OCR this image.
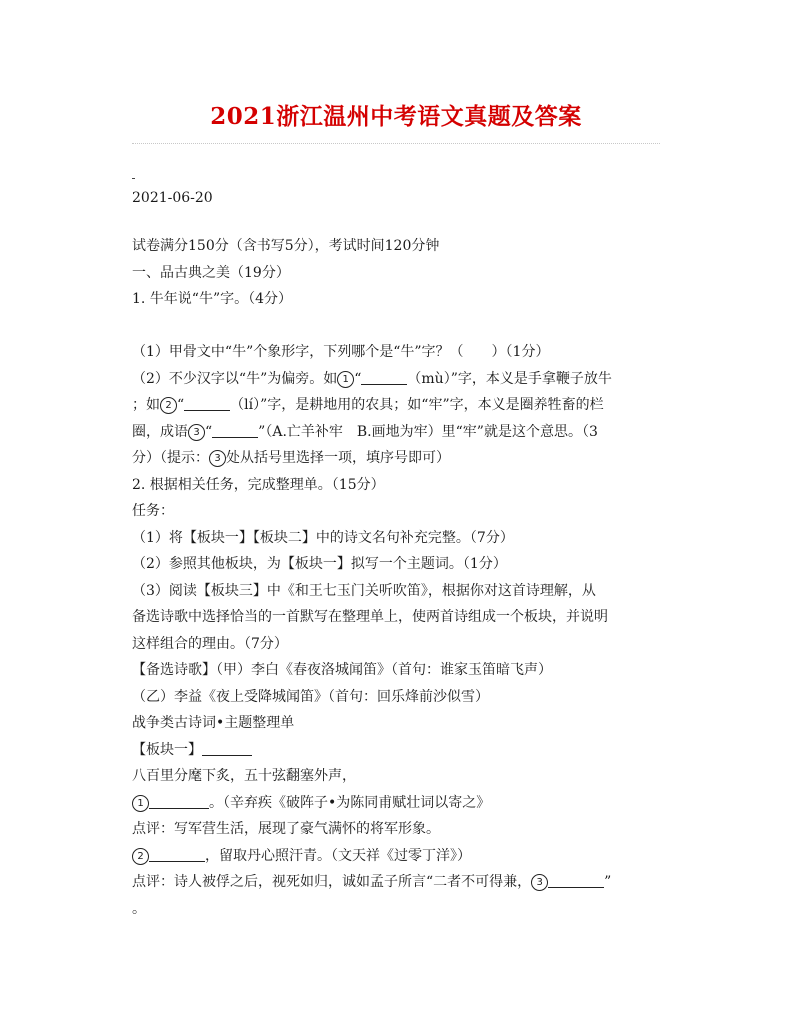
2021浙江温州中考语文真题及答案
2021-06-20
试卷满分150分（含书写5分），考试时间120分钟
一、品古典之美（19分）
1. 牛年说“牛”字。（4分）
（1）甲骨文中“牛”个象形字，下列哪个是“牛”字？（　　）（1分）
（2）不少汉字以“牛”为偏旁。如 1 “	（mù）”字，本义是手拿鞭子放牛
；如 2 “	（lí）”字，是耕地用的农具；如“牢”字，本义是圈养牲畜的栏
圈，成语 3 “	”（A.亡羊补牢　B.画地为牢）里“牢”就是这个意思。（3
分）（提示： 3 处从括号里选择一项，填序号即可）
2. 根据相关任务，完成整理单。（15分）
任务：
（1）将【板块一】【板块二】中的诗文名句补充完整。（7分）
（2）参照其他板块，为【板块一】拟写一个主题词。（1分）
（3）阅读【板块三】中《和王七玉门关听吹笛》，根据你对这首诗理解，从
备选诗歌中选择恰当的一首默写在整理单上，使两首诗组成一个板块，并说明
这样组合的理由。（7分）
【备选诗歌】（甲）李白《春夜洛城闻笛》（首句：谁家玉笛暗飞声）
（乙）李益《夜上受降城闻笛》（首句：回乐烽前沙似雪）
战争类古诗词•主题整理单
【板块一】
八百里分麾下炙，五十弦翻塞外声，
1	。（辛弃疾《破阵子•为陈同甫赋壮词以寄之》
点评：写军营生活，展现了豪气满怀的将军形象。
2	，留取丹心照汗青。（文天祥《过零丁洋》）
点评：诗人被俘之后，视死如归，诚如孟子所言“二者不可得兼， 3	”
。
